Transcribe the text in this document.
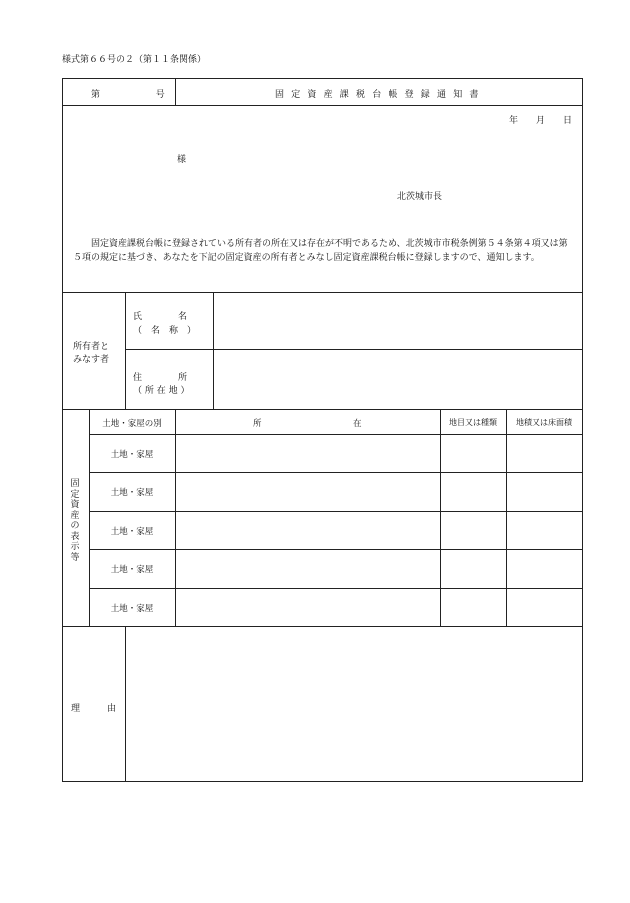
様式第６６号の２（第１１条関係）
第　　　号	固定資産課税台帳登録通知書
年　　月　　日
様
北茨城市長
固定資産課税台帳に登録されている所有者の所在又は存在が不明であるため、北茨城市市税条例第５４条第４項又は第５項の規定に基づき、あなたを下記の固定資産の所有者とみなし固定資産課税台帳に登録しますので、通知します。
所有者と
みなす者
氏　　　　名
（　名　称　）
住　　　　所
（ 所 在 地 ）
固定資産の表示等
土地・家屋の別	所	在	地目又は種類	地積又は床面積
土地・家屋
土地・家屋
土地・家屋
土地・家屋
土地・家屋
理　　　由
